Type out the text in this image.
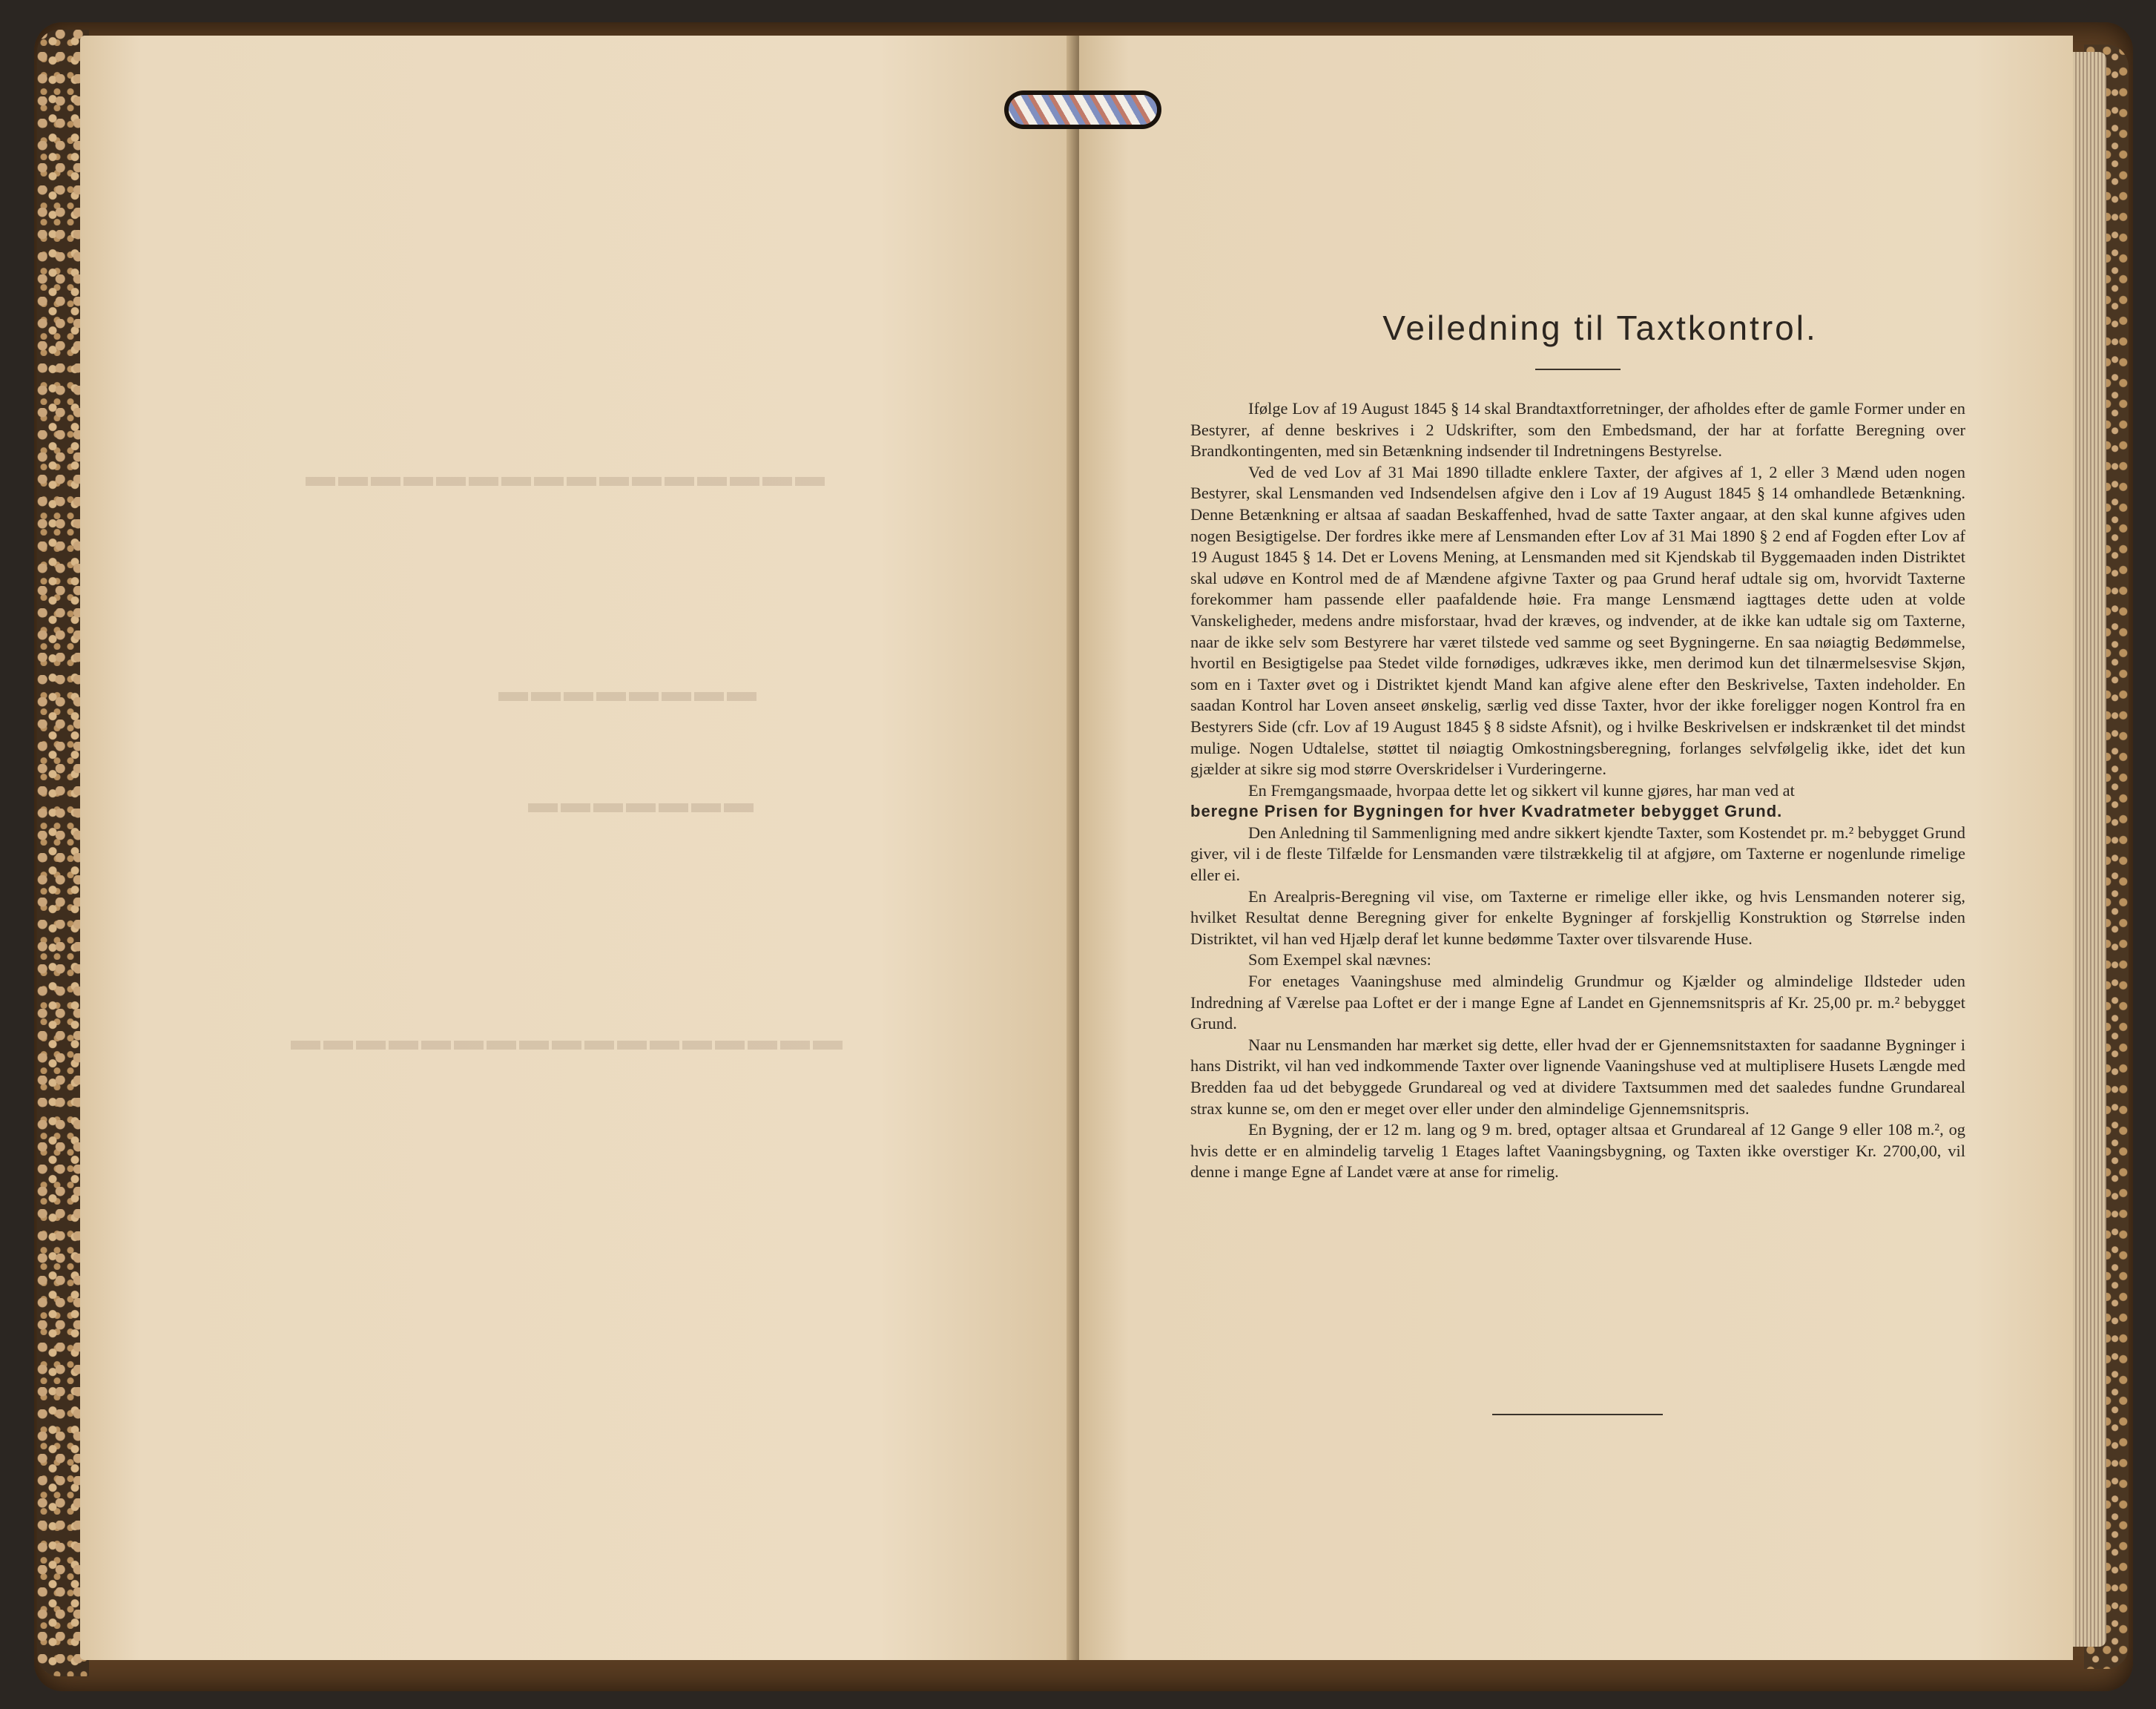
▬▬▬▬▬▬▬▬▬▬▬▬▬▬▬▬
▬▬▬▬▬▬▬▬
▬▬▬▬▬▬▬
▬▬▬▬▬▬▬▬▬▬▬▬▬▬▬▬▬
Veiledning til Taxtkontrol.

Ifølge Lov af 19 August 1845 § 14 skal Brandtaxtforretninger, der afholdes efter de gamle Former under en Bestyrer, af denne beskrives i 2 Udskrifter, som den Embedsmand, der har at forfatte Beregning over Brandkontingenten, med sin Betænkning indsender til Indretningens Bestyrelse.

Ved de ved Lov af 31 Mai 1890 tilladte enklere Taxter, der afgives af 1, 2 eller 3 Mænd uden nogen Bestyrer, skal Lensmanden ved Indsendelsen afgive den i Lov af 19 August 1845 § 14 omhandlede Betænkning. Denne Betænkning er altsaa af saadan Beskaffenhed, hvad de satte Taxter angaar, at den skal kunne afgives uden nogen Besigtigelse. Der fordres ikke mere af Lensmanden efter Lov af 31 Mai 1890 § 2 end af Fogden efter Lov af 19 August 1845 § 14. Det er Lovens Mening, at Lensmanden med sit Kjendskab til Byggemaaden inden Distriktet skal udøve en Kontrol med de af Mændene afgivne Taxter og paa Grund heraf udtale sig om, hvorvidt Taxterne forekommer ham passende eller paafaldende høie. Fra mange Lensmænd iagttages dette uden at volde Vanskeligheder, medens andre misforstaar, hvad der kræves, og indvender, at de ikke kan udtale sig om Taxterne, naar de ikke selv som Bestyrere har været tilstede ved samme og seet Bygningerne. En saa nøiagtig Bedømmelse, hvortil en Besigtigelse paa Stedet vilde fornødiges, udkræves ikke, men derimod kun det tilnærmelsesvise Skjøn, som en i Taxter øvet og i Distriktet kjendt Mand kan afgive alene efter den Beskrivelse, Taxten indeholder. En saadan Kontrol har Loven anseet ønskelig, særlig ved disse Taxter, hvor der ikke foreligger nogen Kontrol fra en Bestyrers Side (cfr. Lov af 19 August 1845 § 8 sidste Afsnit), og i hvilke Beskrivelsen er indskrænket til det mindst mulige. Nogen Udtalelse, støttet til nøiagtig Omkostningsberegning, forlanges selvfølgelig ikke, idet det kun gjælder at sikre sig mod større Overskridelser i Vurderingerne.

En Fremgangsmaade, hvorpaa dette let og sikkert vil kunne gjøres, har man ved at

beregne Prisen for Bygningen for hver Kvadratmeter bebygget Grund.

Den Anledning til Sammenligning med andre sikkert kjendte Taxter, som Kostendet pr. m.² bebygget Grund giver, vil i de fleste Tilfælde for Lensmanden være tilstrækkelig til at afgjøre, om Taxterne er nogenlunde rimelige eller ei.

En Arealpris-Beregning vil vise, om Taxterne er rimelige eller ikke, og hvis Lensmanden noterer sig, hvilket Resultat denne Beregning giver for enkelte Bygninger af forskjellig Konstruktion og Størrelse inden Distriktet, vil han ved Hjælp deraf let kunne bedømme Taxter over tilsvarende Huse.

Som Exempel skal nævnes:

For enetages Vaaningshuse med almindelig Grundmur og Kjælder og almindelige Ildsteder uden Indredning af Værelse paa Loftet er der i mange Egne af Landet en Gjennemsnitspris af Kr. 25,00 pr. m.² bebygget Grund.

Naar nu Lensmanden har mærket sig dette, eller hvad der er Gjennemsnitstaxten for saadanne Bygninger i hans Distrikt, vil han ved indkommende Taxter over lignende Vaaningshuse ved at multiplisere Husets Længde med Bredden faa ud det bebyggede Grundareal og ved at dividere Taxtsummen med det saaledes fundne Grundareal strax kunne se, om den er meget over eller under den almindelige Gjennemsnitspris.

En Bygning, der er 12 m. lang og 9 m. bred, optager altsaa et Grundareal af 12 Gange 9 eller 108 m.², og hvis dette er en almindelig tarvelig 1 Etages laftet Vaaningsbygning, og Taxten ikke overstiger Kr. 2700,00, vil denne i mange Egne af Landet være at anse for rimelig.
